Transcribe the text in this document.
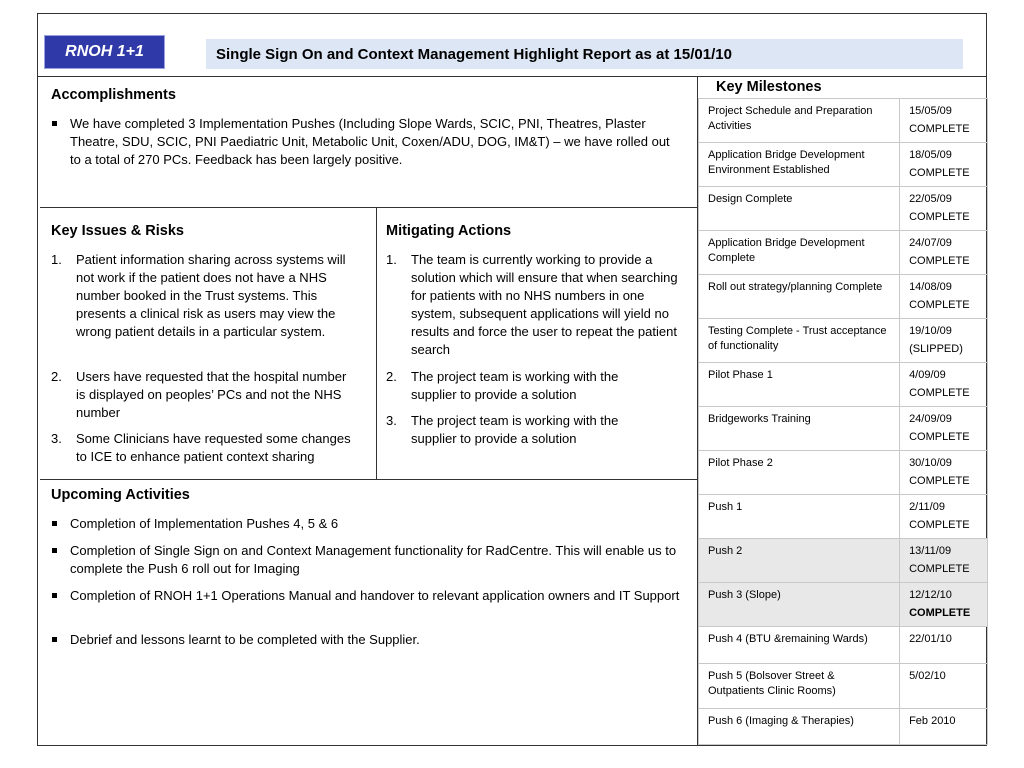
RNOH 1+1	Single Sign On and Context Management Highlight Report as at 15/01/10
Accomplishments
We have completed 3 Implementation Pushes (Including Slope Wards, SCIC, PNI, Theatres, Plaster Theatre, SDU, SCIC, PNI Paediatric Unit, Metabolic Unit, Coxen/ADU, DOG, IM&T) – we have rolled out to a total of 270 PCs. Feedback has been largely positive.
Key Issues & Risks
1.	Patient information sharing across systems will not work if the patient does not have a NHS number booked in the Trust systems. This presents a clinical risk as users may view the wrong patient details in a particular system.
2.	Users have requested that the hospital number is displayed on peoples’ PCs and not the NHS number
3.	Some Clinicians have requested some changes to ICE to enhance patient context sharing
Mitigating Actions
1.	The team is currently working to provide a solution which will ensure that when searching for patients with no NHS numbers in one system, subsequent applications will yield no results and force the user to repeat the patient search
2.	The project team is working with the supplier to provide a solution
3.	The project team is working with the supplier to provide a solution
Upcoming Activities
Completion of Implementation Pushes 4, 5 & 6
Completion of Single Sign on and Context Management functionality for RadCentre. This will enable us to complete the Push 6 roll out for Imaging
Completion of RNOH 1+1 Operations Manual and handover to relevant application owners and IT Support
Debrief and lessons learnt to be completed with the Supplier.
Key Milestones
Project Schedule and Preparation Activities	15/05/09
COMPLETE

Application Bridge Development Environment Established	18/05/09
COMPLETE

Design Complete	22/05/09
COMPLETE

Application Bridge Development Complete	24/07/09
COMPLETE

Roll out strategy/planning Complete	14/08/09
COMPLETE

Testing Complete - Trust acceptance of functionality	19/10/09
(SLIPPED)

Pilot Phase 1	4/09/09
COMPLETE

Bridgeworks Training	24/09/09
COMPLETE

Pilot Phase 2	30/10/09
COMPLETE

Push 1	2/11/09
COMPLETE

Push 2	13/11/09
COMPLETE

Push 3 (Slope)	12/12/10
COMPLETE

Push 4 (BTU &remaining Wards)	22/01/10
Push 5 (Bolsover Street & Outpatients Clinic Rooms)	5/02/10
Push 6 (Imaging & Therapies)	Feb 2010
